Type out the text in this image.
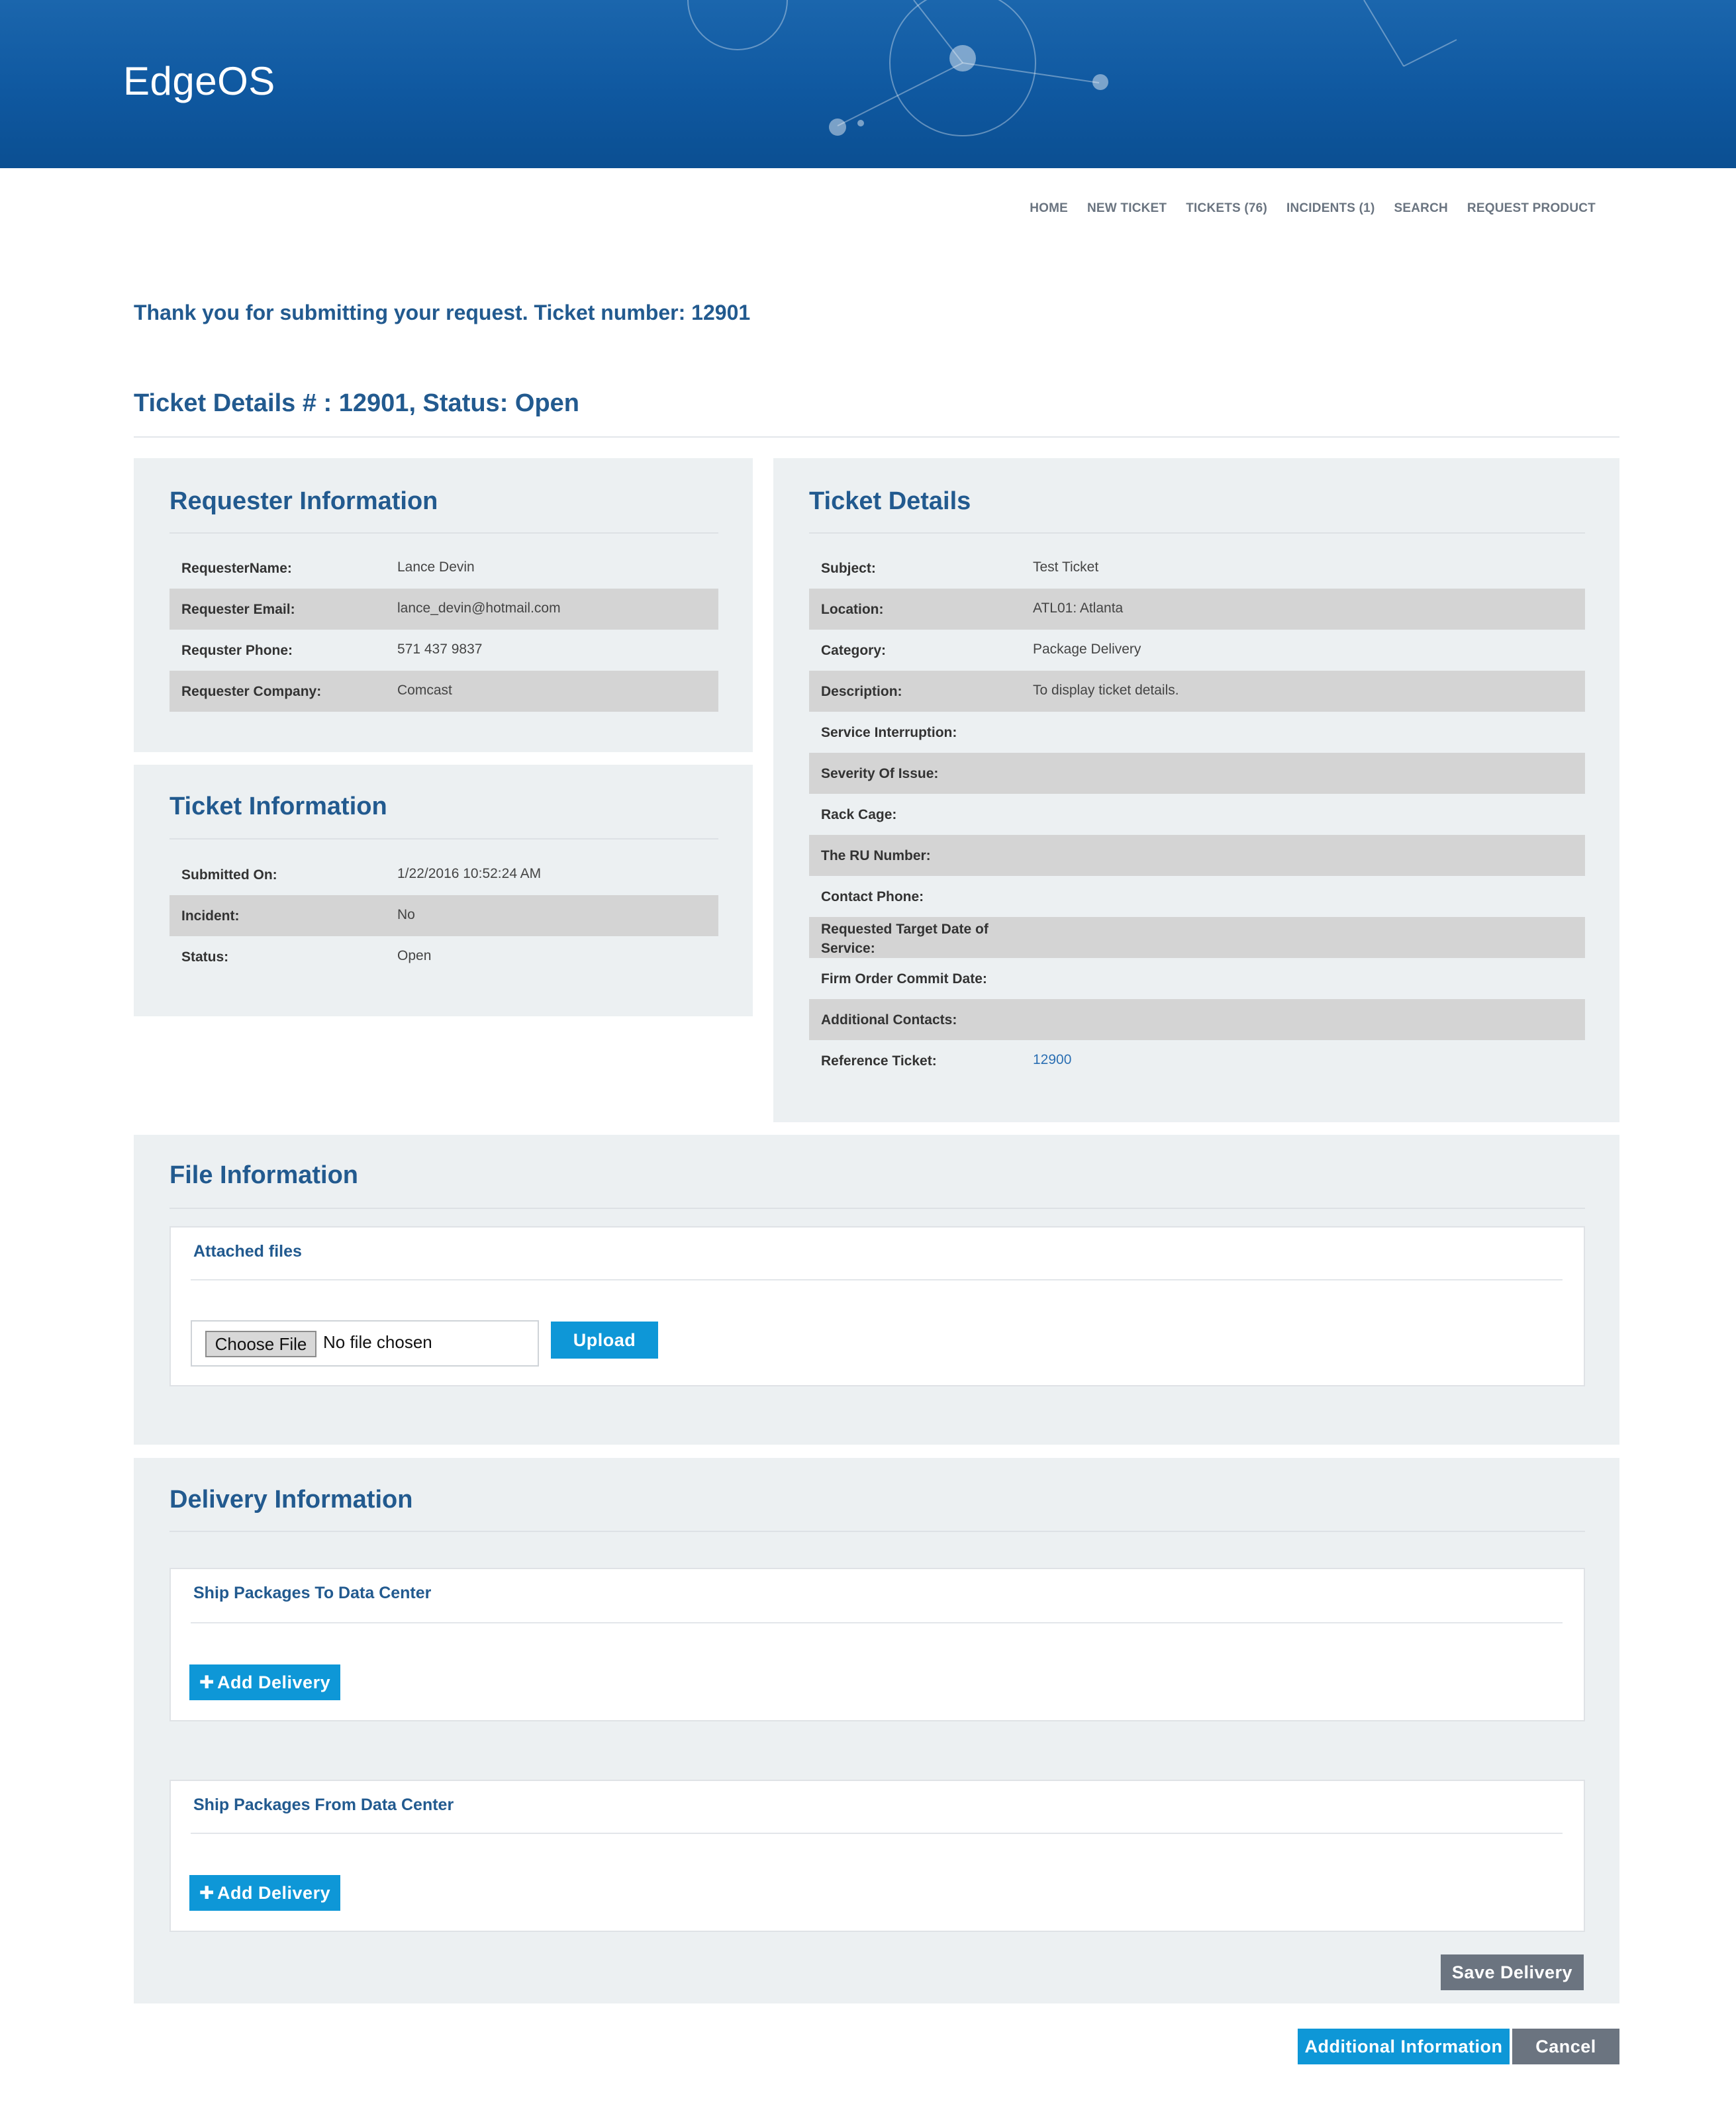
EdgeOS
HOME NEW TICKET TICKETS (76) INCIDENTS (1) SEARCH REQUEST PRODUCT
Thank you for submitting your request. Ticket number: 12901
Ticket Details # : 12901, Status: Open
Requester Information
RequesterName:	Lance Devin
Requester Email:	lance_devin@hotmail.com
Requster Phone:	571 437 9837
Requester Company:	Comcast
Ticket Information
Submitted On:	1/22/2016 10:52:24 AM
Incident:	No
Status:	Open
Ticket Details
Subject:	Test Ticket
Location:	ATL01: Atlanta
Category:	Package Delivery
Description:	To display ticket details.
Service Interruption:
Severity Of Issue:
Rack Cage:
The RU Number:
Contact Phone:
Requested Target Date of Service:
Firm Order Commit Date:
Additional Contacts:
Reference Ticket:	12900
File Information
Attached files
Choose File No file chosen	Upload
Delivery Information
Ship Packages To Data Center
✚ Add Delivery
Ship Packages From Data Center
✚ Add Delivery
Save Delivery
Additional Information	Cancel
